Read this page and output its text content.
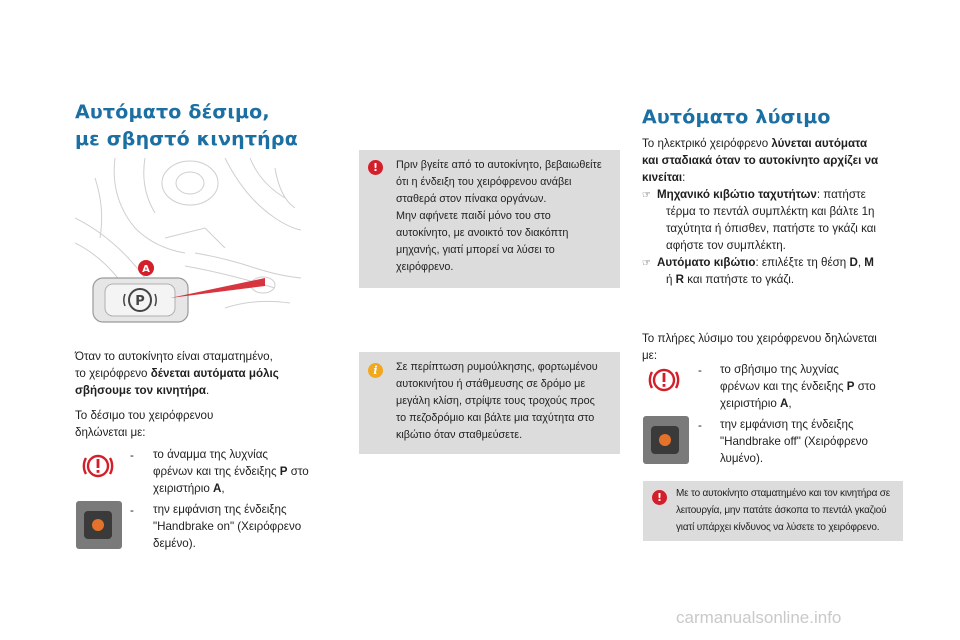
Αυτόματο δέσιμο,
με σβηστό κινητήρα
P
A
Όταν το αυτοκίνητο είναι σταματημένο,
το χειρόφρενο δένεται αυτόματα μόλις
σβήσουμε τον κινητήρα.
Το δέσιμο του χειρόφρενου
δηλώνεται με:
- το άναμμα της λυχνίας
φρένων και της ένδειξης P στο
χειριστήριο A,
- την εμφάνιση της ένδειξης
"Handbrake on" (Χειρόφρενο
δεμένο).
!	Πριν βγείτε από το αυτοκίνητο, βεβαιωθείτε
ότι η ένδειξη του χειρόφρενου ανάβει
σταθερά στον πίνακα οργάνων.
Μην αφήνετε παιδί μόνο του στο
αυτοκίνητο, με ανοικτό τον διακόπτη
μηχανής, γιατί μπορεί να λύσει το
χειρόφρενο.
i	Σε περίπτωση ρυμούλκησης, φορτωμένου
αυτοκινήτου ή στάθμευσης σε δρόμο με
μεγάλη κλίση, στρίψτε τους τροχούς προς
το πεζοδρόμιο και βάλτε μια ταχύτητα στο
κιβώτιο όταν σταθμεύσετε.
Αυτόματο λύσιμο
Το ηλεκτρικό χειρόφρενο λύνεται αυτόματα
και σταδιακά όταν το αυτοκίνητο αρχίζει να
κινείται:
☞ Μηχανικό κιβώτιο ταχυτήτων: πατήστε
τέρμα το πεντάλ συμπλέκτη και βάλτε 1η
ταχύτητα ή όπισθεν, πατήστε το γκάζι και
αφήστε τον συμπλέκτη.
☞ Αυτόματο κιβώτιο: επιλέξτε τη θέση D, M
ή R και πατήστε το γκάζι.
Το πλήρες λύσιμο του χειρόφρενου δηλώνεται
με:
- το σβήσιμο της λυχνίας
φρένων και της ένδειξης P στο
χειριστήριο A,
- την εμφάνιση της ένδειξης
"Handbrake off" (Χειρόφρενο
λυμένο).
!	Με το αυτοκίνητο σταματημένο και τον κινητήρα σε
λειτουργία, μην πατάτε άσκοπα το πεντάλ γκαζιού
γιατί υπάρχει κίνδυνος να λύσετε το χειρόφρενο.
carmanualsonline.info
